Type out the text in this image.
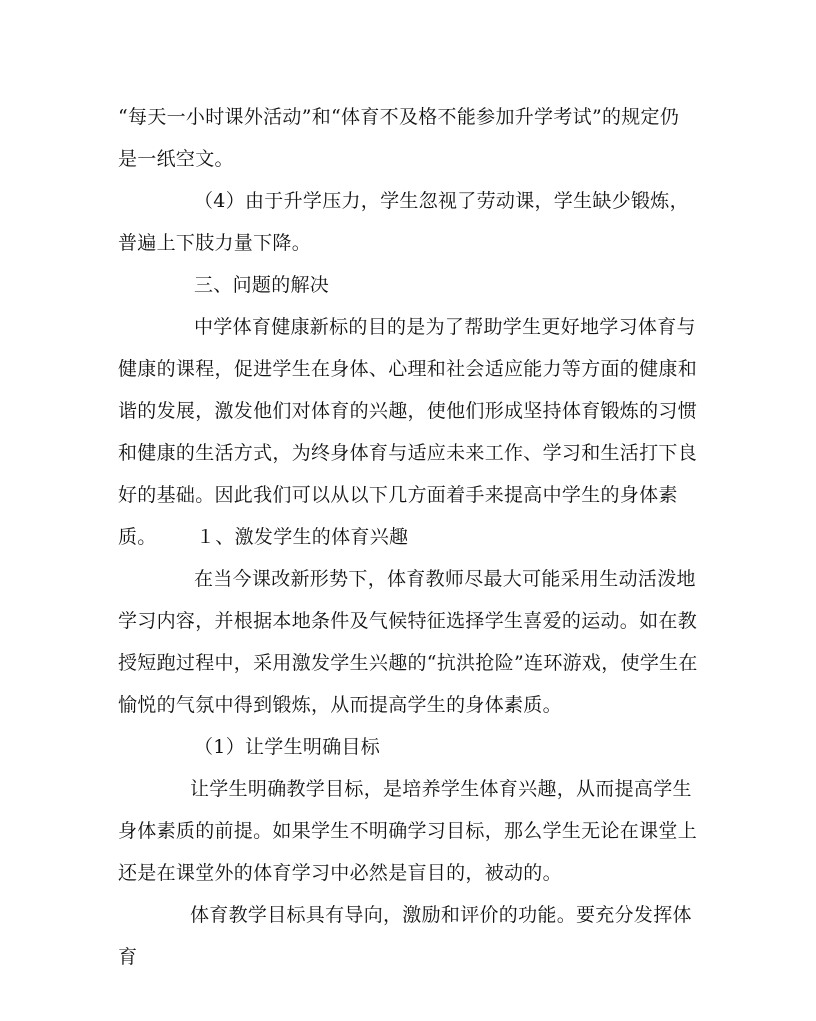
“每天一小时课外活动”和“体育不及格不能参加升学考试”的规定仍是一纸空文。

（4）由于升学压力，学生忽视了劳动课，学生缺少锻炼，普遍上下肢力量下降。

三、问题的解决

中学体育健康新标的目的是为了帮助学生更好地学习体育与健康的课程，促进学生在身体、心理和社会适应能力等方面的健康和谐的发展，激发他们对体育的兴趣，使他们形成坚持体育锻炼的习惯和健康的生活方式，为终身体育与适应未来工作、学习和生活打下良好的基础。因此我们可以从以下几方面着手来提高中学生的身体素质。	１、激发学生的体育兴趣

在当今课改新形势下，体育教师尽最大可能采用生动活泼地学习内容，并根据本地条件及气候特征选择学生喜爱的运动。如在教授短跑过程中，采用激发学生兴趣的“抗洪抢险”连环游戏，使学生在愉悦的气氛中得到锻炼，从而提高学生的身体素质。

（1）让学生明确目标

让学生明确教学目标，是培养学生体育兴趣，从而提高学生身体素质的前提。如果学生不明确学习目标，那么学生无论在课堂上还是在课堂外的体育学习中必然是盲目的，被动的。

体育教学目标具有导向，激励和评价的功能。要充分发挥体育
